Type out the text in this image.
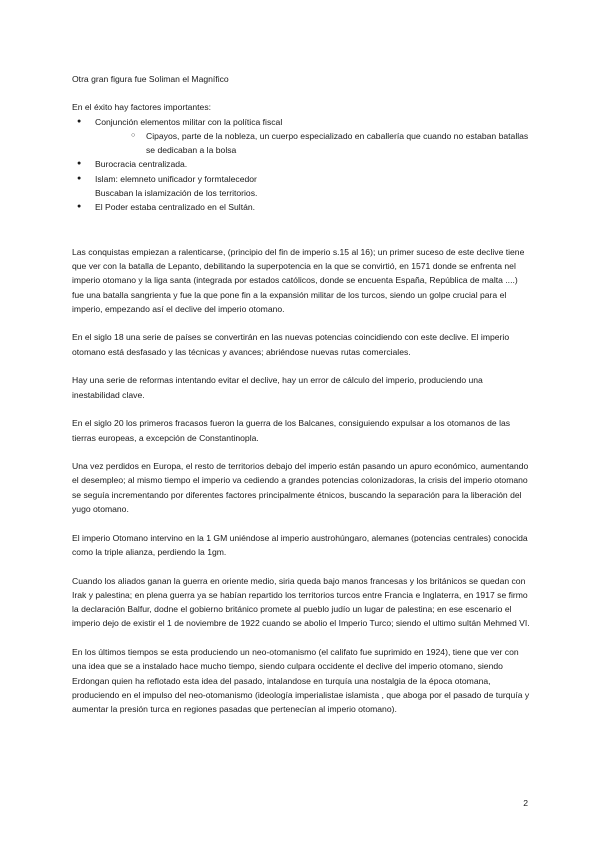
Otra gran figura fue Soliman el Magnífico
En el éxito hay factores importantes:
● Conjunción elementos militar con la política fiscal
○ Cipayos, parte de la nobleza, un cuerpo especializado en caballería que cuando no estaban batallas se dedicaban a la bolsa
● Burocracia centralizada.
● Islam: elemneto unificador y formtalecedor
Buscaban la islamización de los territorios.
● El Poder estaba centralizado en el Sultán.

Las conquistas empiezan a ralenticarse, (principio del fin de imperio s.15 al 16); un primer suceso de este declive tiene que ver con la batalla de Lepanto, debilitando la superpotencia en la que se convirtió, en 1571 donde se enfrenta nel imperio otomano y la liga santa (integrada por estados católicos, donde se encuenta España, República de malta ....) fue una batalla sangrienta y fue la que pone fin a la expansión militar de los turcos, siendo un golpe crucial para el imperio, empezando así el declive del imperio otomano.

En el siglo 18 una serie de países se convertirán en las nuevas potencias coincidiendo con este declive. El imperio otomano está desfasado y las técnicas y avances; abriéndose nuevas rutas comerciales.

Hay una serie de reformas intentando evitar el declive, hay un error de cálculo del imperio, produciendo una inestabilidad clave.

En el siglo 20 los primeros fracasos fueron la guerra de los Balcanes, consiguiendo expulsar a los otomanos de las tierras europeas, a excepción de Constantinopla.

Una vez perdidos en Europa, el resto de territorios debajo del imperio están pasando un apuro económico, aumentando el desempleo; al mismo tiempo el imperio va cediendo a grandes potencias colonizadoras, la crisis del imperio otomano se seguía incrementando por diferentes factores principalmente étnicos, buscando la separación para la liberación del yugo otomano.

El imperio Otomano intervino en la 1 GM uniéndose al imperio austrohúngaro, alemanes (potencias centrales) conocida como la triple alianza, perdiendo la 1gm.

Cuando los aliados ganan la guerra en oriente medio, siria queda bajo manos francesas y los británicos se quedan con Irak y palestina; en plena guerra ya se habían repartido los territorios turcos entre Francia e Inglaterra, en 1917 se firmo la declaración Balfur, dodne el gobierno británico promete al pueblo judío un lugar de palestina; en ese escenario el imperio dejo de existir el 1 de noviembre de 1922 cuando se abolio el Imperio Turco; siendo el ultimo sultán Mehmed VI.

En los últimos tiempos se esta produciendo un neo-otomanismo (el califato fue suprimido en 1924), tiene que ver con una idea que se a instalado hace mucho tiempo, siendo culpara occidente el declive del imperio otomano, siendo Erdongan quien ha reflotado esta idea del pasado, intalandose en turquía una nostalgia de la época otomana, produciendo en el impulso del neo-otomanismo (ideología imperialistae islamista , que aboga por el pasado de turquía y aumentar la presión turca en regiones pasadas que pertenecían al imperio otomano).

2
